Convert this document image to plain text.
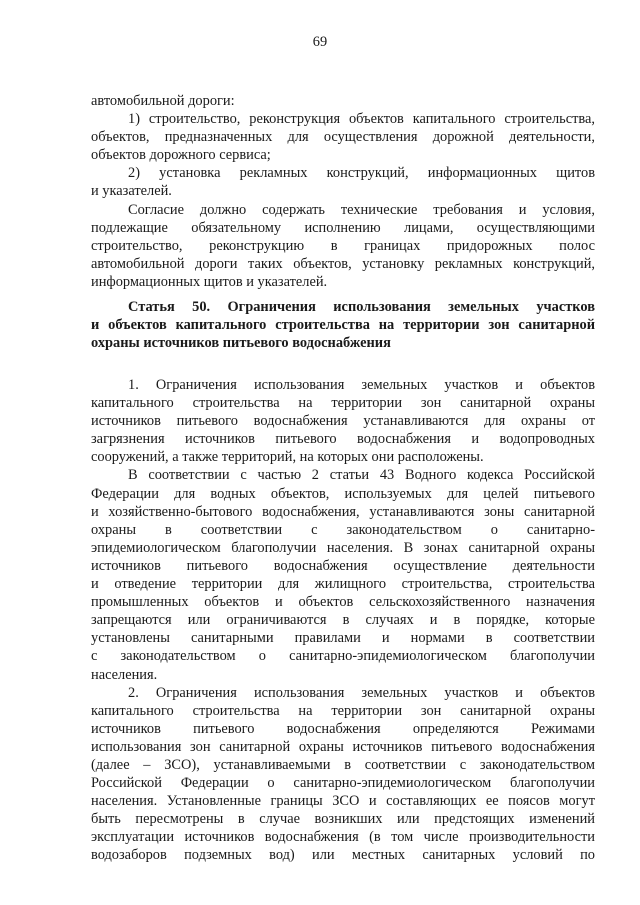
69
автомобильной дороги:
1) строительство, реконструкция объектов капитального строительства,
объектов, предназначенных для осуществления дорожной деятельности,
объектов дорожного сервиса;
2) установка рекламных конструкций, информационных щитов
и указателей.
Согласие должно содержать технические требования и условия,
подлежащие обязательному исполнению лицами, осуществляющими
строительство, реконструкцию в границах придорожных полос
автомобильной дороги таких объектов, установку рекламных конструкций,
информационных щитов и указателей.
Статья 50. Ограничения использования земельных участков
и объектов капитального строительства на территории зон санитарной
охраны источников питьевого водоснабжения
1. Ограничения использования земельных участков и объектов
капитального строительства на территории зон санитарной охраны
источников питьевого водоснабжения устанавливаются для охраны от
загрязнения источников питьевого водоснабжения и водопроводных
сооружений, а также территорий, на которых они расположены.
В соответствии с частью 2 статьи 43 Водного кодекса Российской
Федерации для водных объектов, используемых для целей питьевого
и хозяйственно-бытового водоснабжения, устанавливаются зоны санитарной
охраны в соответствии с законодательством о санитарно-
эпидемиологическом благополучии населения. В зонах санитарной охраны
источников питьевого водоснабжения осуществление деятельности
и отведение территории для жилищного строительства, строительства
промышленных объектов и объектов сельскохозяйственного назначения
запрещаются или ограничиваются в случаях и в порядке, которые
установлены санитарными правилами и нормами в соответствии
с законодательством о санитарно-эпидемиологическом благополучии
населения.
2. Ограничения использования земельных участков и объектов
капитального строительства на территории зон санитарной охраны
источников питьевого водоснабжения определяются Режимами
использования зон санитарной охраны источников питьевого водоснабжения
(далее – ЗСО), устанавливаемыми в соответствии с законодательством
Российской Федерации о санитарно-эпидемиологическом благополучии
населения. Установленные границы ЗСО и составляющих ее поясов могут
быть пересмотрены в случае возникших или предстоящих изменений
эксплуатации источников водоснабжения (в том числе производительности
водозаборов подземных вод) или местных санитарных условий по
